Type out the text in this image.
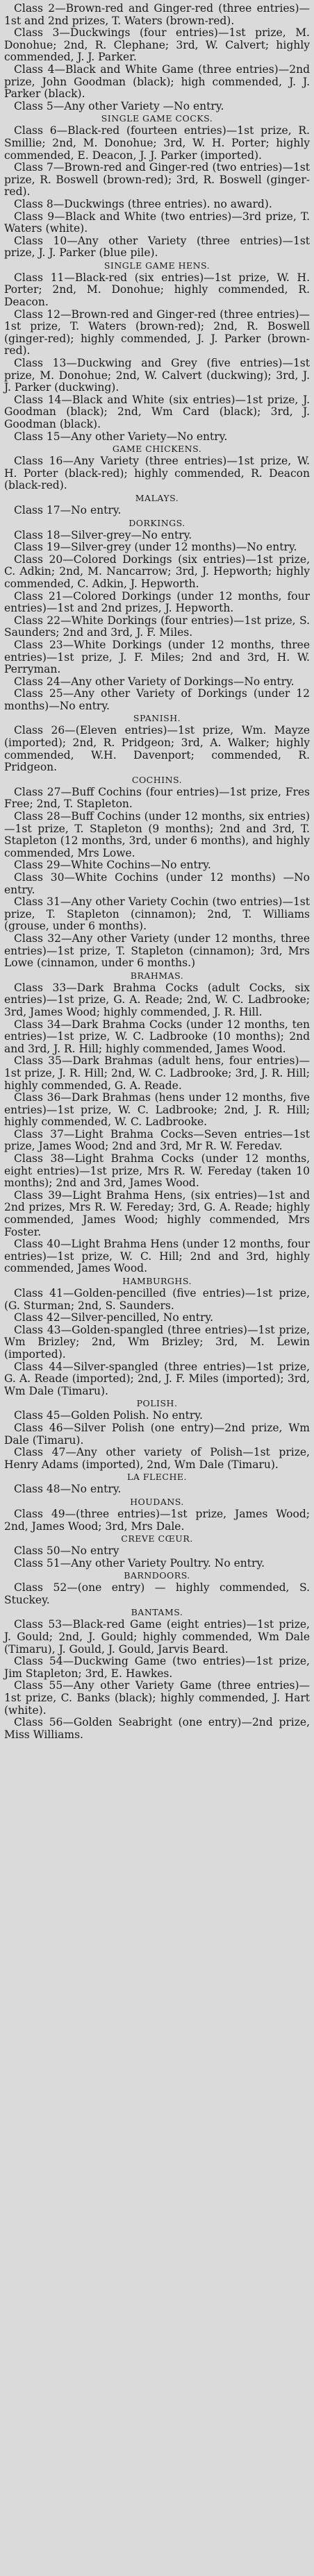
Class 2—Brown-red and Ginger-red (three entries)—1st and 2nd prizes, T. Waters (brown-red).

Class 3—Duckwings (four entries)—1st prize, M. Donohue; 2nd, R. Clephane; 3rd, W. Calvert; highly commended, J. J. Parker.

Class 4—Black and White Game (three entries)—2nd prize, John Goodman (black); high commended, J. J. Parker (black).

Class 5—Any other Variety —No entry.

SINGLE GAME COCKS.

Class 6—Black-red (fourteen entries)—1st prize, R. Smillie; 2nd, M. Donohue; 3rd, W. H. Porter; highly commended, E. Deacon, J. J. Parker (imported).

Class 7—Brown-red and Ginger-red (two entries)—1st prize, R. Boswell (brown-red); 3rd, R. Boswell (ginger-red).

Class 8—Duckwings (three entries). no award).

Class 9—Black and White (two entries)—3rd prize, T. Waters (white).

Class 10—Any other Variety (three entries)—1st prize, J. J. Parker (blue pile).

SINGLE GAME HENS.

Class 11—Black-red (six entries)—1st prize, W. H. Porter; 2nd, M. Donohue; highly commended, R. Deacon.

Class 12—Brown-red and Ginger-red (three entries)—1st prize, T. Waters (brown-red); 2nd, R. Boswell (ginger-red); highly commended, J. J. Parker (brown-red).

Class 13—Duckwing and Grey (five entries)—1st prize, M. Donohue; 2nd, W. Calvert (duckwing); 3rd, J. J. Parker (duckwing).

Class 14—Black and White (six entries)—1st prize, J. Goodman (black); 2nd, Wm Card (black); 3rd, J. Goodman (black).

Class 15—Any other Variety—No entry.

GAME CHICKENS.

Class 16—Any Variety (three entries)—1st prize, W. H. Porter (black-red); highly commended, R. Deacon (black-red).

MALAYS.

Class 17—No entry.

DORKINGS.

Class 18—Silver-grey—No entry.

Class 19—Silver-grey (under 12 months)—No entry.

Class 20—Colored Dorkings (six entries)—1st prize, C. Adkin; 2nd, M. Nancarrow; 3rd, J. Hepworth; highly commended, C. Adkin, J. Hepworth.

Class 21—Colored Dorkings (under 12 months, four entries)—1st and 2nd prizes, J. Hepworth.

Class 22—White Dorkings (four entries)—1st prize, S. Saunders; 2nd and 3rd, J. F. Miles.

Class 23—White Dorkings (under 12 months, three entries)—1st prize, J. F. Miles; 2nd and 3rd, H. W. Perryman.

Class 24—Any other Variety of Dorkings—No entry.

Class 25—Any other Variety of Dorkings (under 12 months)—No entry.

SPANISH.

Class 26—(Eleven entries)—1st prize, Wm. Mayze (imported); 2nd, R. Pridgeon; 3rd, A. Walker; highly commended, W.H. Davenport; commended, R. Pridgeon.

COCHINS.

Class 27—Buff Cochins (four entries)—1st prize, Fres Free; 2nd, T. Stapleton.

Class 28—Buff Cochins (under 12 months, six entries)—1st prize, T. Stapleton (9 months); 2nd and 3rd, T. Stapleton (12 months, 3rd, under 6 months), and highly commended, Mrs Lowe.

Class 29—White Cochins—No entry.

Class 30—White Cochins (under 12 months) —No entry.

Class 31—Any other Variety Cochin (two entries)—1st prize, T. Stapleton (cinnamon); 2nd, T. Williams (grouse, under 6 months).

Class 32—Any other Variety (under 12 months, three entries)—1st prize, T. Stapleton (cinnamon); 3rd, Mrs Lowe (cinnamon, under 6 months.)

BRAHMAS.

Class 33—Dark Brahma Cocks (adult Cocks, six entries)—1st prize, G. A. Reade; 2nd, W. C. Ladbrooke; 3rd, James Wood; highly commended, J. R. Hill.

Class 34—Dark Brahma Cocks (under 12 months, ten entries)—1st prize, W. C. Ladbrooke (10 months); 2nd and 3rd, J. R. Hill; highly commended, James Wood.

Class 35—Dark Brahmas (adult hens, four entries)—1st prize, J. R. Hill; 2nd, W. C. Ladbrooke; 3rd, J. R. Hill; highly commended, G. A. Reade.

Class 36—Dark Brahmas (hens under 12 months, five entries)—1st prize, W. C. Ladbrooke; 2nd, J. R. Hill; highly commended, W. C. Ladbrooke.

Class 37—Light Brahma Cocks—Seven entries—1st prize, James Wood; 2nd and 3rd, Mr R. W. Feredav.

Class 38—Light Brahma Cocks (under 12 months, eight entries)—1st prize, Mrs R. W. Fereday (taken 10 months); 2nd and 3rd, James Wood.

Class 39—Light Brahma Hens, (six entries)—1st and 2nd prizes, Mrs R. W. Fereday; 3rd, G. A. Reade; highly commended, James Wood; highly commended, Mrs Foster.

Class 40—Light Brahma Hens (under 12 months, four entries)—1st prize, W. C. Hill; 2nd and 3rd, highly commended, James Wood.

HAMBURGHS.

Class 41—Golden-pencilled (five entries)—1st prize, (G. Sturman; 2nd, S. Saunders.

Class 42—Silver-pencilled, No entry.

Class 43—Golden-spangled (three entries)—1st prize, Wm Brizley; 2nd, Wm Brizley; 3rd, M. Lewin (imported).

Class 44—Silver-spangled (three entries)—1st prize, G. A. Reade (imported); 2nd, J. F. Miles (imported); 3rd, Wm Dale (Timaru).

POLISH.

Class 45—Golden Polish. No entry.

Class 46—Silver Polish (one entry)—2nd prize, Wm Dale (Timaru).

Class 47—Any other variety of Polish—1st prize, Henry Adams (imported), 2nd, Wm Dale (Timaru).

LA FLECHE.

Class 48—No entry.

HOUDANS.

Class 49—(three entries)—1st prize, James Wood; 2nd, James Wood; 3rd, Mrs Dale.

CREVE CŒUR.

Class 50—No entry

Class 51—Any other Variety Poultry. No entry.

BARNDOORS.

Class 52—(one entry) — highly commended, S. Stuckey.

BANTAMS.

Class 53—Black-red Game (eight entries)—1st prize, J. Gould; 2nd, J. Gould; highly commended, Wm Dale (Timaru), J. Gould, J. Gould, Jarvis Beard.

Class 54—Duckwing Game (two entries)—1st prize, Jim Stapleton; 3rd, E. Hawkes.

Class 55—Any other Variety Game (three entries)—1st prize, C. Banks (black); highly commended, J. Hart (white).

Class 56—Golden Seabright (one entry)—2nd prize, Miss Williams.
